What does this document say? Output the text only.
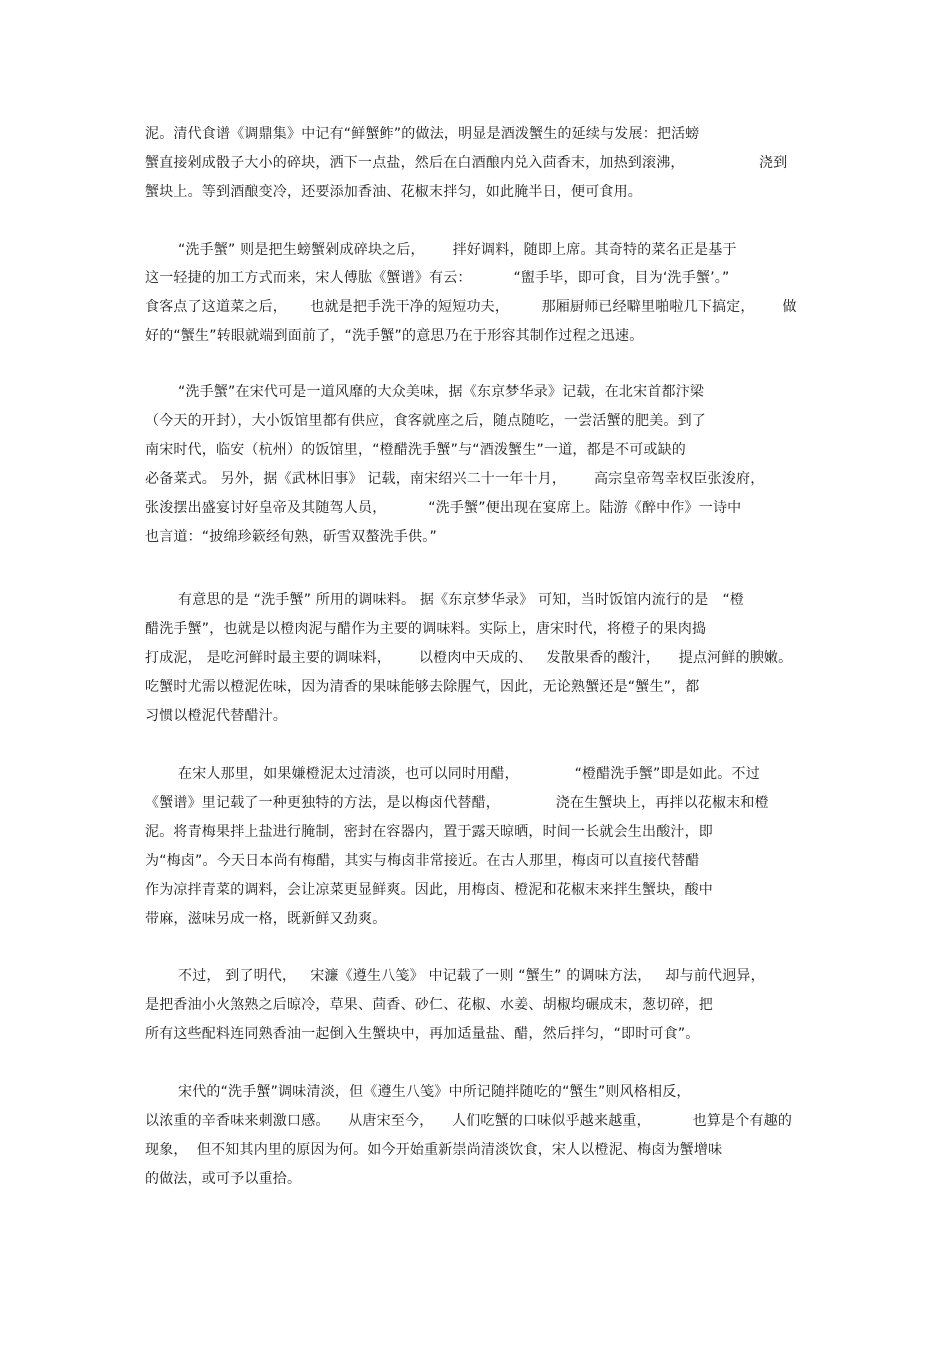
泥。清代食谱《调鼎集》中记有“鲜蟹鲊”的做法，明显是酒泼蟹生的延续与发展：把活螃
蟹直接剁成骰子大小的碎块，洒下一点盐，然后在白酒酿内兑入茴香末，加热到滚沸，                浇到
蟹块上。等到酒酿变冷，还要添加香油、花椒末拌匀，如此腌半日，便可食用。
“洗手蟹” 则是把生螃蟹剁成碎块之后，      拌好调料，随即上席。其奇特的菜名正是基于
这一轻捷的加工方式而来，宋人傅肱《蟹谱》有云：         “盥手毕，即可食，目为‘洗手蟹’。”
食客点了这道菜之后，     也就是把手洗干净的短短功夫，       那厢厨师已经噼里啪啦几下搞定，      做
好的“蟹生”转眼就端到面前了，“洗手蟹”的意思乃在于形容其制作过程之迅速。
“洗手蟹”在宋代可是一道风靡的大众美味，据《东京梦华录》记载，在北宋首都汴梁
（今天的开封），大小饭馆里都有供应，食客就座之后，随点随吃，一尝活蟹的肥美。到了
南宋时代，临安（杭州）的饭馆里，“橙醋洗手蟹”与“酒泼蟹生”一道，都是不可或缺的
必备菜式。 另外，据《武林旧事》 记载，南宋绍兴二十一年十月，      高宗皇帝驾幸权臣张浚府，
张浚摆出盛宴讨好皇帝及其随驾人员，         “洗手蟹”便出现在宴席上。陆游《醉中作》一诗中
也言道：“披绵珍簌经旬熟，斫雪双螯洗手供。”
有意思的是 “洗手蟹” 所用的调味料。 据《东京梦华录》 可知，当时饭馆内流行的是   “橙
醋洗手蟹”，也就是以橙肉泥与醋作为主要的调味料。实际上，唐宋时代，将橙子的果肉捣
打成泥， 是吃河鲜时最主要的调味料，      以橙肉中天成的、   发散果香的酸汁，    提点河鲜的腴嫩。
吃蟹时尤需以橙泥佐味，因为清香的果味能够去除腥气，因此，无论熟蟹还是“蟹生”，都
习惯以橙泥代替醋汁。
在宋人那里，如果嫌橙泥太过清淡，也可以同时用醋，            “橙醋洗手蟹”即是如此。不过
《蟹谱》里记载了一种更独特的方法，是以梅卤代替醋，            浇在生蟹块上，再拌以花椒末和橙
泥。将青梅果拌上盐进行腌制，密封在容器内，置于露天晾晒，时间一长就会生出酸汁，即
为“梅卤”。今天日本尚有梅醋，其实与梅卤非常接近。在古人那里，梅卤可以直接代替醋
作为凉拌青菜的调料，会让凉菜更显鲜爽。因此，用梅卤、橙泥和花椒末来拌生蟹块，酸中
带麻，滋味另成一格，既新鲜又劲爽。
不过， 到了明代，   宋濂《遵生八笺》 中记载了一则 “蟹生” 的调味方法，   却与前代迥异，
是把香油小火煞熟之后晾冷，草果、茴香、砂仁、花椒、水姜、胡椒均碾成末，葱切碎，把
所有这些配料连同熟香油一起倒入生蟹块中，再加适量盐、醋，然后拌匀，“即时可食”。
宋代的“洗手蟹”调味清淡，但《遵生八笺》中所记随拌随吃的“蟹生”则风格相反，
以浓重的辛香味来刺激口感。    从唐宋至今，    人们吃蟹的口味似乎越来越重，         也算是个有趣的
现象，  但不知其内里的原因为何。如今开始重新崇尚清淡饮食，宋人以橙泥、梅卤为蟹增味
的做法，或可予以重拾。
